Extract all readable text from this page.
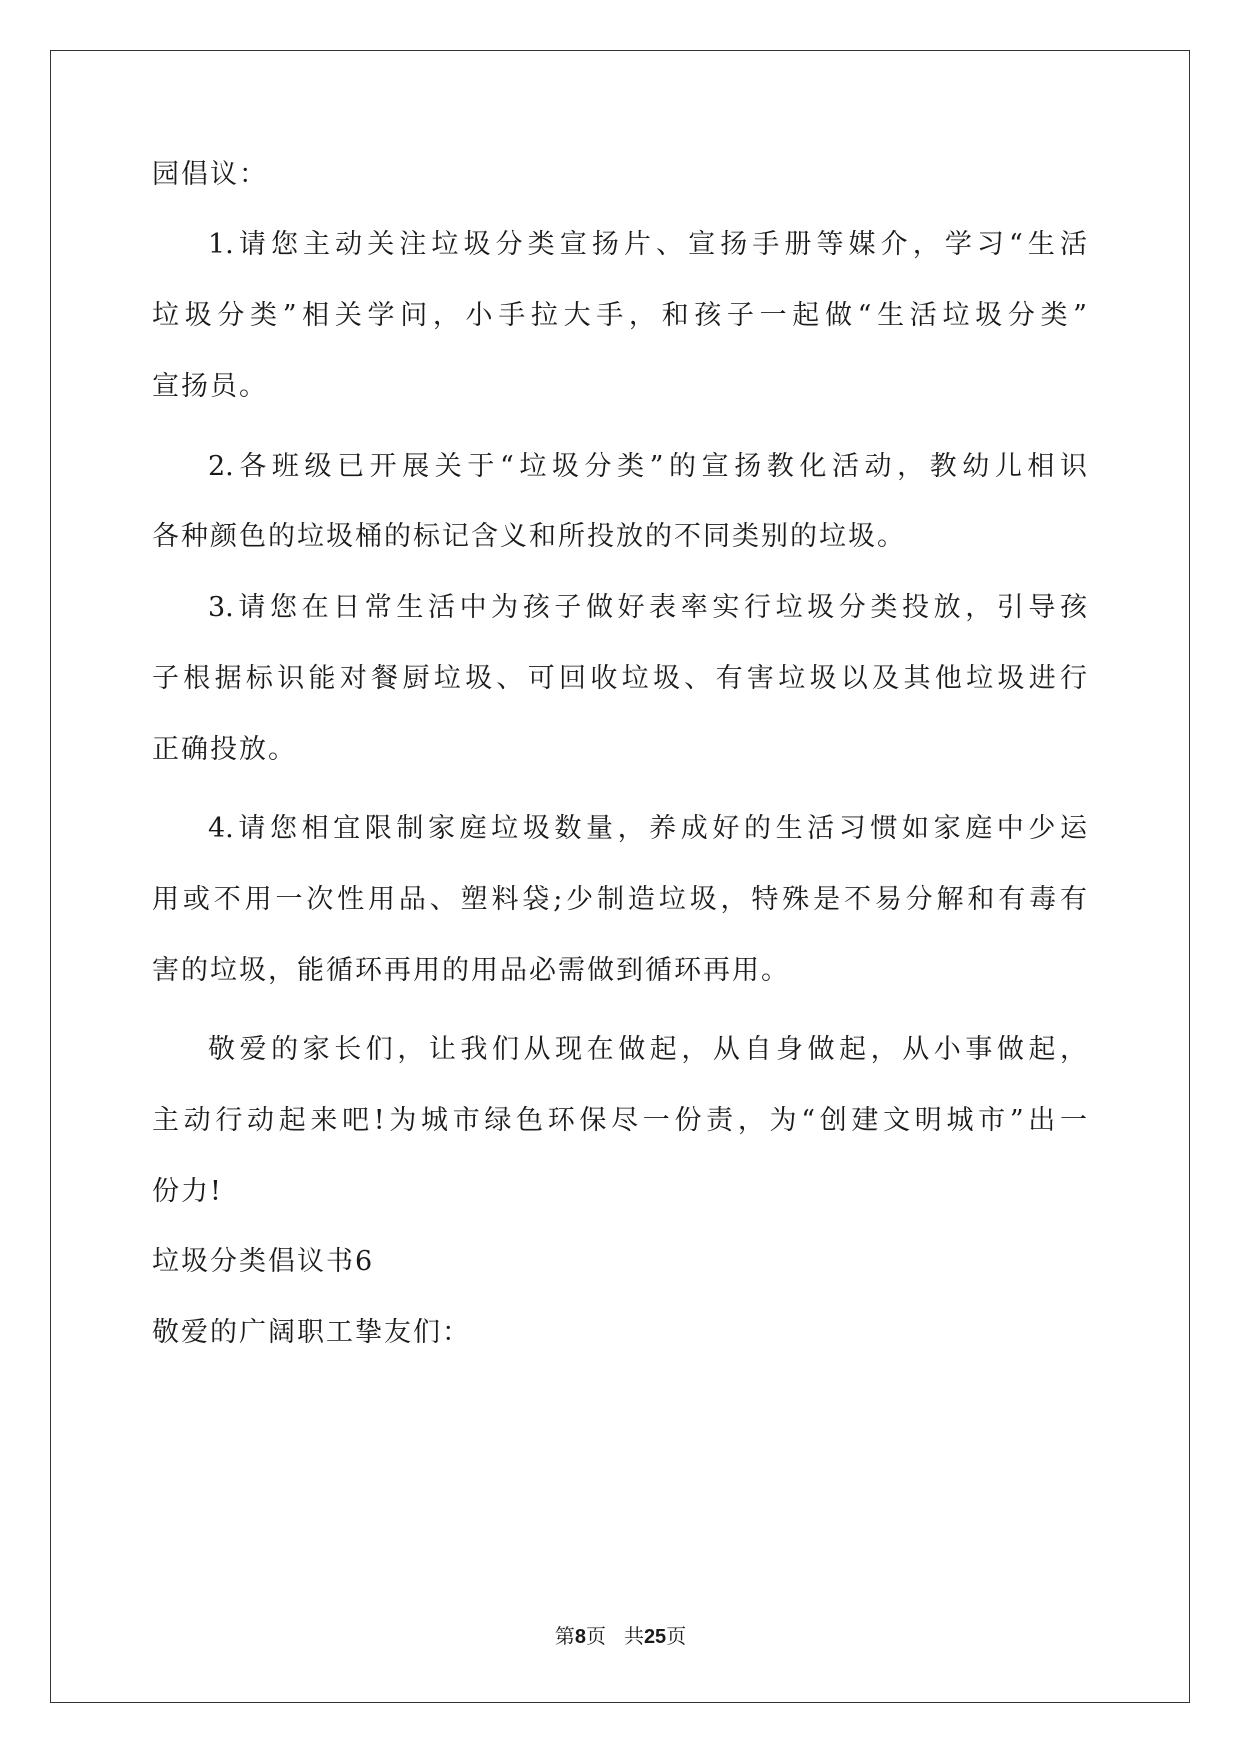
园倡议：
1.请您主动关注垃圾分类宣扬片、宣扬手册等媒介，学习“生活
垃圾分类”相关学问，小手拉大手，和孩子一起做“生活垃圾分类”
宣扬员。
2.各班级已开展关于“垃圾分类”的宣扬教化活动，教幼儿相识
各种颜色的垃圾桶的标记含义和所投放的不同类别的垃圾。
3.请您在日常生活中为孩子做好表率实行垃圾分类投放，引导孩
子根据标识能对餐厨垃圾、可回收垃圾、有害垃圾以及其他垃圾进行
正确投放。
4.请您相宜限制家庭垃圾数量，养成好的生活习惯如家庭中少运
用或不用一次性用品、塑料袋;少制造垃圾，特殊是不易分解和有毒有
害的垃圾，能循环再用的用品必需做到循环再用。
敬爱的家长们，让我们从现在做起，从自身做起，从小事做起，
主动行动起来吧!为城市绿色环保尽一份责，为“创建文明城市”出一
份力!
垃圾分类倡议书6
敬爱的广阔职工挚友们：
第8页 共25页
